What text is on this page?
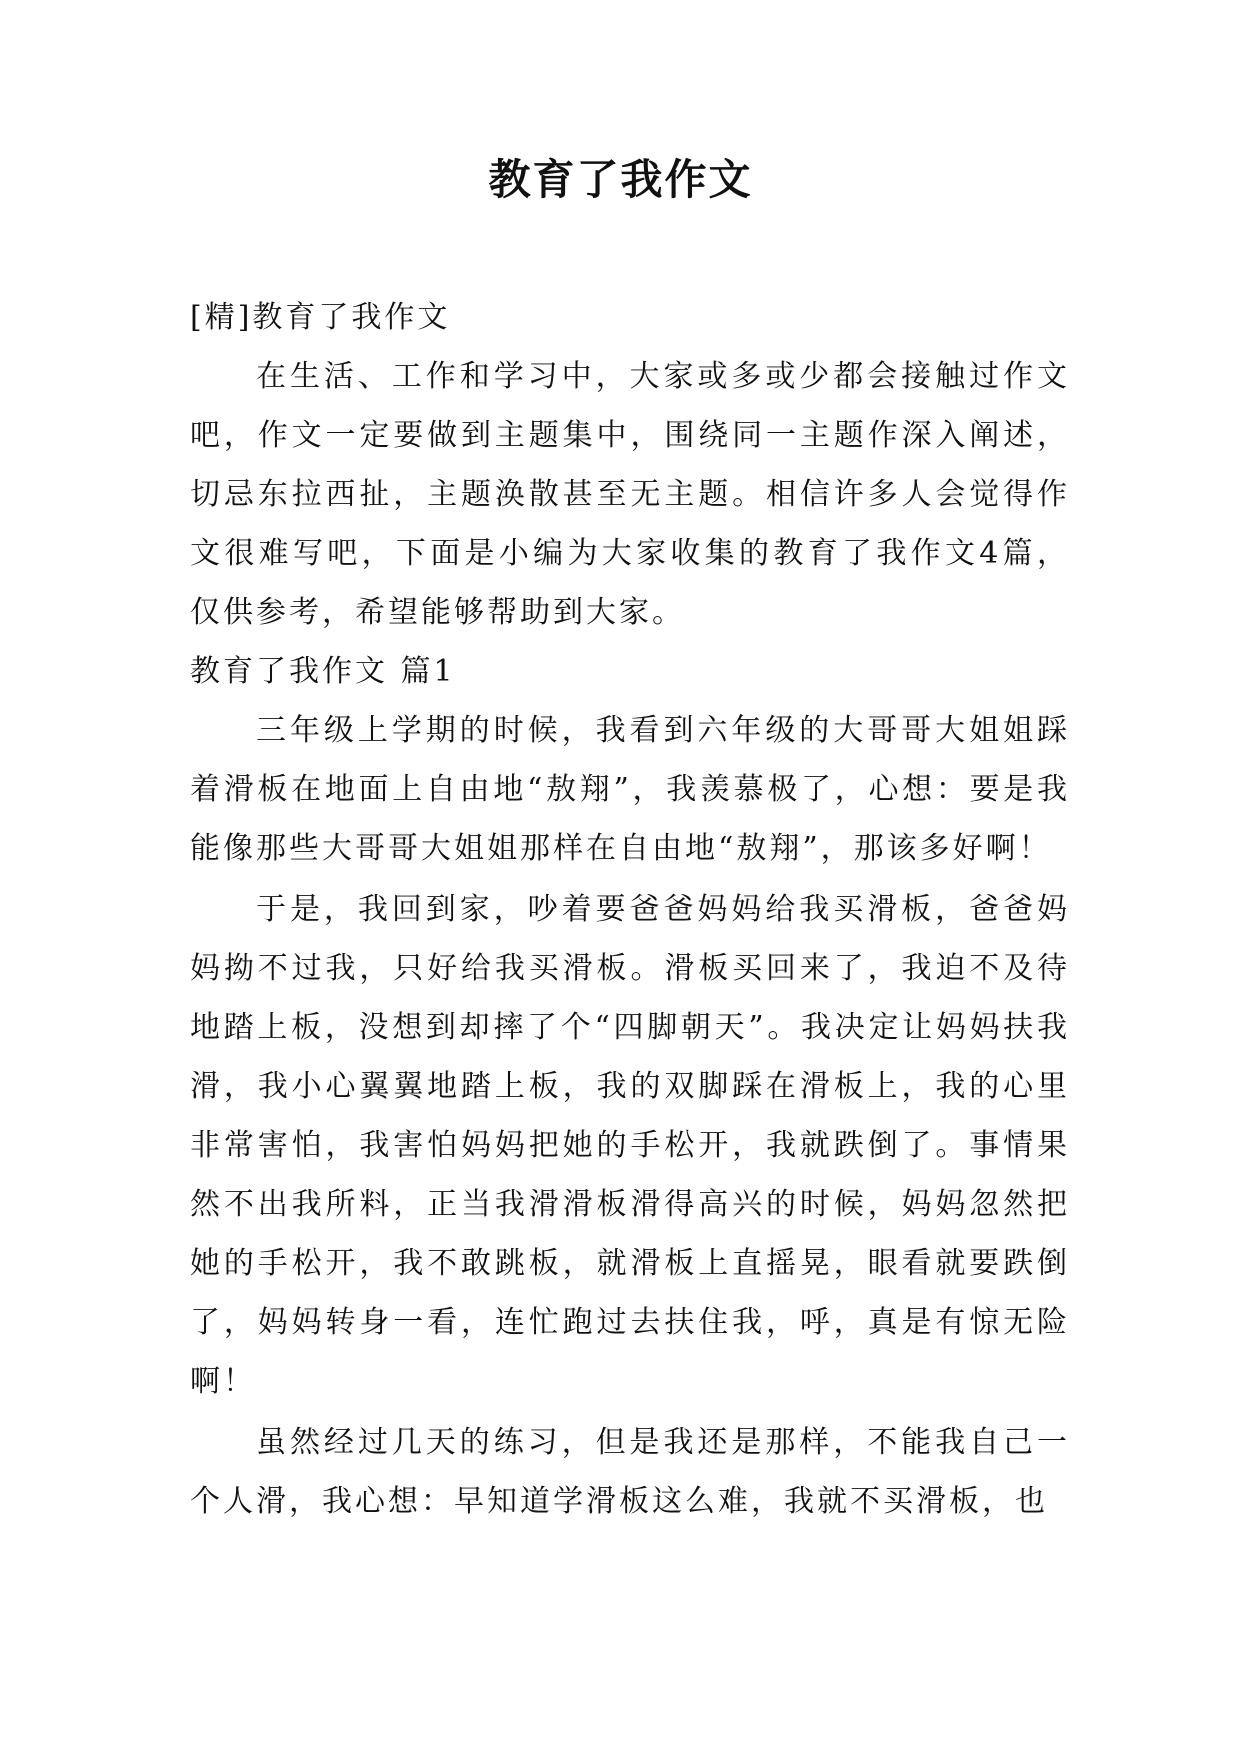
教育了我作文

[精]教育了我作文

在生活、工作和学习中，大家或多或少都会接触过作文吧，作文一定要做到主题集中，围绕同一主题作深入阐述，切忌东拉西扯，主题涣散甚至无主题。相信许多人会觉得作文很难写吧，下面是小编为大家收集的教育了我作文4篇，仅供参考，希望能够帮助到大家。

教育了我作文 篇1

三年级上学期的时候，我看到六年级的大哥哥大姐姐踩着滑板在地面上自由地“敖翔”，我羡慕极了，心想：要是我能像那些大哥哥大姐姐那样在自由地“敖翔”，那该多好啊！

于是，我回到家，吵着要爸爸妈妈给我买滑板，爸爸妈妈拗不过我，只好给我买滑板。滑板买回来了，我迫不及待地踏上板，没想到却摔了个“四脚朝天”。我决定让妈妈扶我滑，我小心翼翼地踏上板，我的双脚踩在滑板上，我的心里非常害怕，我害怕妈妈把她的手松开，我就跌倒了。事情果然不出我所料，正当我滑滑板滑得高兴的时候，妈妈忽然把她的手松开，我不敢跳板，就滑板上直摇晃，眼看就要跌倒了，妈妈转身一看，连忙跑过去扶住我，呼，真是有惊无险啊！

虽然经过几天的练习，但是我还是那样，不能我自己一个人滑，我心想：早知道学滑板这么难，我就不买滑板，也
